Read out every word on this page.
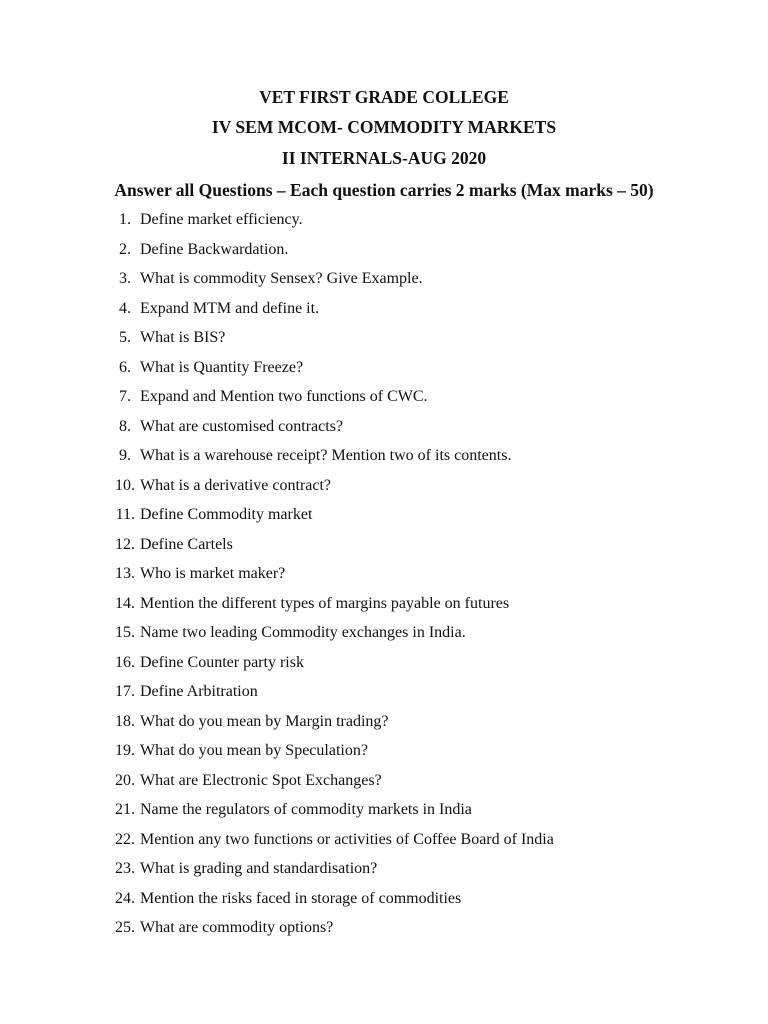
VET FIRST GRADE COLLEGE
IV SEM MCOM- COMMODITY MARKETS
II INTERNALS-AUG 2020
Answer all Questions – Each question carries 2 marks (Max marks – 50)
1. Define market efficiency.
2. Define Backwardation.
3. What is commodity Sensex? Give Example.
4. Expand MTM and define it.
5. What is BIS?
6. What is Quantity Freeze?
7. Expand and Mention two functions of CWC.
8. What are customised contracts?
9. What is a warehouse receipt? Mention two of its contents.
10. What is a derivative contract?
11. Define Commodity market
12. Define Cartels
13. Who is market maker?
14. Mention the different types of margins payable on futures
15. Name two leading Commodity exchanges in India.
16. Define Counter party risk
17. Define Arbitration
18. What do you mean by Margin trading?
19. What do you mean by Speculation?
20. What are Electronic Spot Exchanges?
21. Name the regulators of commodity markets in India
22. Mention any two functions or activities of Coffee Board of India
23. What is grading and standardisation?
24. Mention the risks faced in storage of commodities
25. What are commodity options?
